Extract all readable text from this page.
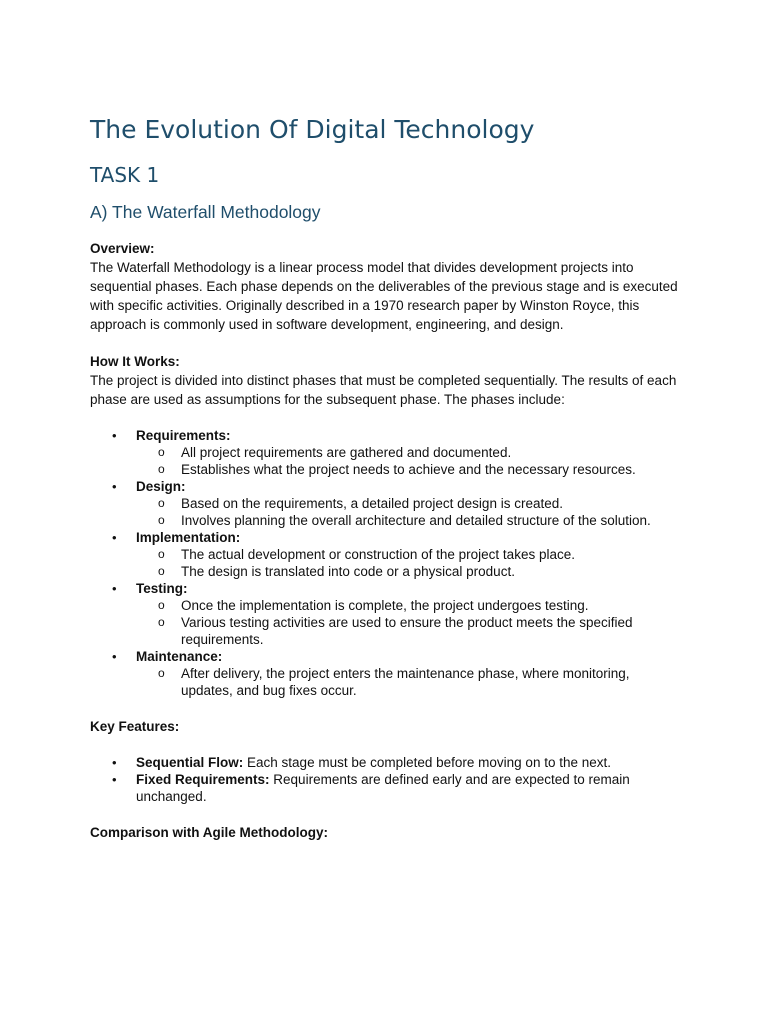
The Evolution Of Digital Technology
TASK 1
A) The Waterfall Methodology

Overview:

The Waterfall Methodology is a linear process model that divides development projects into sequential phases. Each phase depends on the deliverables of the previous stage and is executed with specific activities. Originally described in a 1970 research paper by Winston Royce, this approach is commonly used in software development, engineering, and design.

How It Works:

The project is divided into distinct phases that must be completed sequentially. The results of each phase are used as assumptions for the subsequent phase. The phases include:

• Requirements:
o All project requirements are gathered and documented.
o Establishes what the project needs to achieve and the necessary resources.
• Design:
o Based on the requirements, a detailed project design is created.
o Involves planning the overall architecture and detailed structure of the solution.
• Implementation:
o The actual development or construction of the project takes place.
o The design is translated into code or a physical product.
• Testing:
o Once the implementation is complete, the project undergoes testing.
o Various testing activities are used to ensure the product meets the specified requirements.
• Maintenance:
o After delivery, the project enters the maintenance phase, where monitoring, updates, and bug fixes occur.

Key Features:

• Sequential Flow: Each stage must be completed before moving on to the next.
• Fixed Requirements: Requirements are defined early and are expected to remain unchanged.

Comparison with Agile Methodology:
